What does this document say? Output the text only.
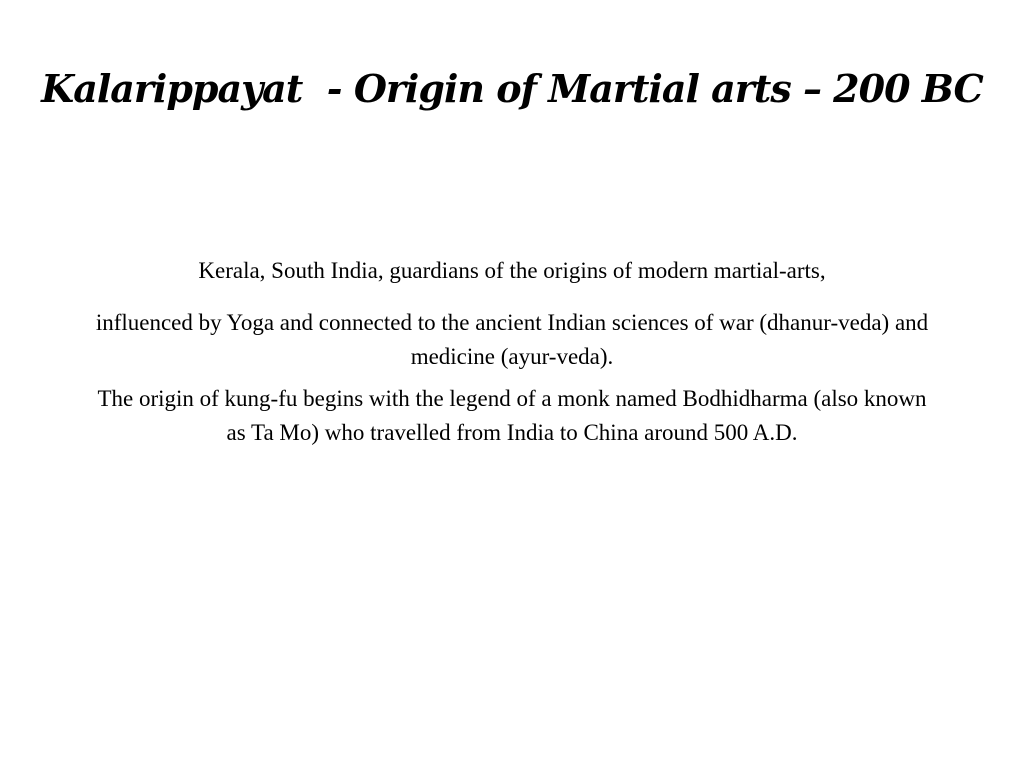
Kalarippayat  - Origin of Martial arts – 200 BC

Kerala, South India, guardians of the origins of modern martial-arts,

influenced by Yoga and connected to the ancient Indian sciences of war (dhanur-veda) and medicine (ayur-veda).

The origin of kung-fu begins with the legend of a monk named Bodhidharma (also known as Ta Mo) who travelled from India to China around 500 A.D.
